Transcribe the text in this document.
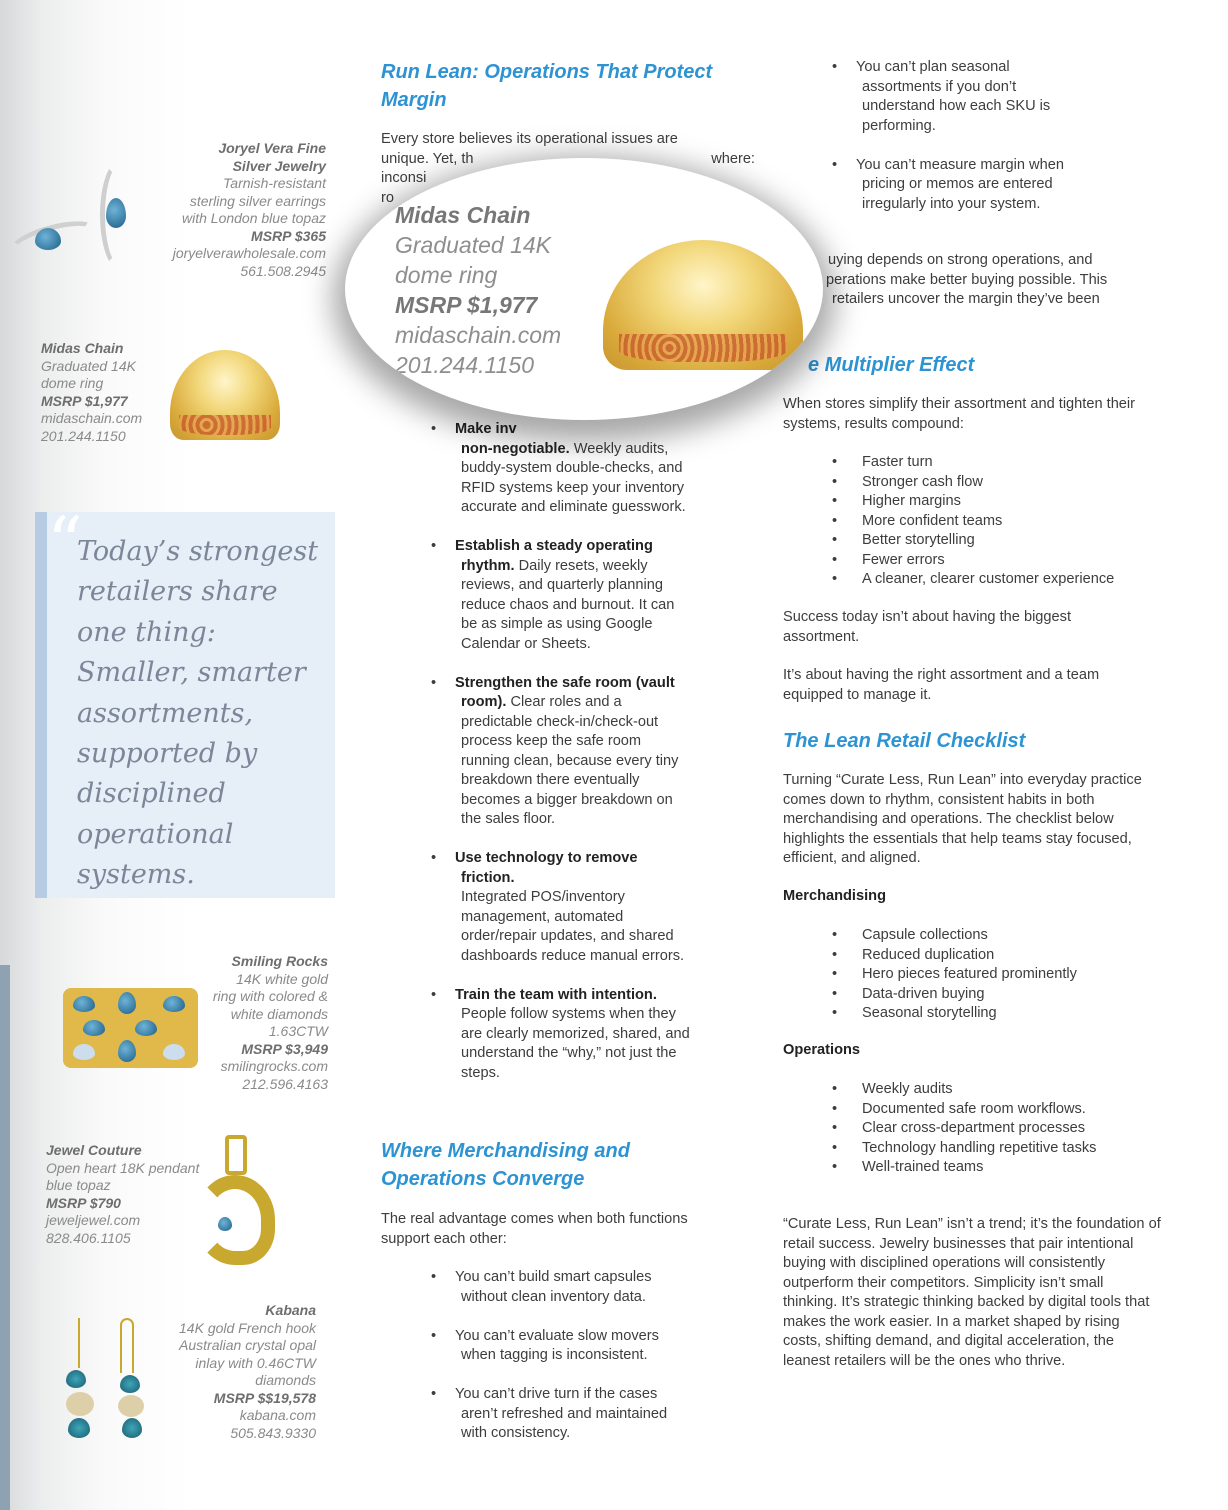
Joryel Vera Fine
Silver Jewelry
Tarnish-resistant
sterling silver earrings
with London blue topaz
MSRP $365
joryelverawholesale.com
561.508.2945
Midas Chain
Graduated 14K
dome ring
MSRP $1,977
midaschain.com
201.244.1150
“

Today’s strongest retailers share one thing: Smaller, smarter assortments, supported by disciplined operational systems.

Smiling Rocks
14K white gold
ring with colored &
white diamonds
1.63CTW
MSRP $3,949
smilingrocks.com
212.596.4163
Jewel Couture
Open heart 18K pendant
blue topaz
MSRP $790
jeweljewel.com
828.406.1105
Kabana
14K gold French hook
Australian crystal opal
inlay with 0.46CTW
diamonds
MSRP $$19,578
kabana.com
505.843.9330
Run Lean: Operations That Protect Margin
Every store believes its operational issues are
unique. Yet, th	where:
inconsi
ro
• Make inv
non-negotiable. Weekly audits, buddy-system double-checks, and RFID systems keep your inventory accurate and eliminate guesswork.
• Establish a steady operating rhythm. Daily resets, weekly reviews, and quarterly planning reduce chaos and burnout. It can be as simple as using Google Calendar or Sheets.
• Strengthen the safe room (vault room). Clear roles and a predictable check-in/check-out process keep the safe room running clean, because every tiny breakdown there eventually becomes a bigger breakdown on the sales floor.
• Use technology to remove friction.
Integrated POS/inventory management, automated order/repair updates, and shared dashboards reduce manual errors.
• Train the team with intention.
People follow systems when they are clearly memorized, shared, and understand the “why,” not just the steps.
Where Merchandising and Operations Converge
The real advantage comes when both functions support each other:
• You can’t build smart capsules without clean inventory data.
• You can’t evaluate slow movers when tagging is inconsistent.
• You can’t drive turn if the cases aren’t refreshed and maintained with consistency.
• You can’t plan seasonal assortments if you don’t understand how each SKU is performing.
• You can’t measure margin when pricing or memos are entered irregularly into your system.
uying depends on strong operations, and
perations make better buying possible. This
retailers uncover the margin they’ve been
e Multiplier Effect
When stores simplify their assortment and tighten their systems, results compound:
• Faster turn
• Stronger cash flow
• Higher margins
• More confident teams
• Better storytelling
• Fewer errors
• A cleaner, clearer customer experience
Success today isn’t about having the biggest assortment.
It’s about having the right assortment and a team equipped to manage it.
The Lean Retail Checklist
Turning “Curate Less, Run Lean” into everyday practice comes down to rhythm, consistent habits in both merchandising and operations. The checklist below highlights the essentials that help teams stay focused, efficient, and aligned.
Merchandising
• Capsule collections
• Reduced duplication
• Hero pieces featured prominently
• Data-driven buying
• Seasonal storytelling
Operations
• Weekly audits
• Documented safe room workflows.
• Clear cross-department processes
• Technology handling repetitive tasks
• Well-trained teams
“Curate Less, Run Lean” isn’t a trend; it’s the foundation of retail success. Jewelry businesses that pair intentional buying with disciplined operations will consistently outperform their competitors. Simplicity isn’t small thinking. It’s strategic thinking backed by digital tools that makes the work easier. In a market shaped by rising costs, shifting demand, and digital acceleration, the leanest retailers will be the ones who thrive.
Midas Chain
Graduated 14K
dome ring
MSRP $1,977
midaschain.com
201.244.1150
